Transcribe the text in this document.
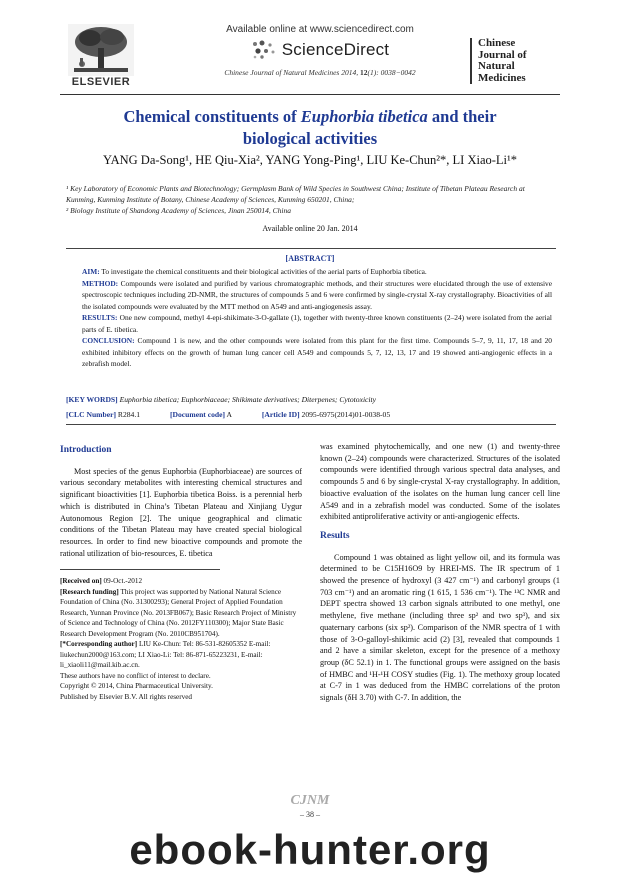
ELSEVIER
Available online at www.sciencedirect.com
ScienceDirect
Chinese Journal of Natural Medicines 2014, 12(1): 0038−0042
Chinese
Journal of
Natural
Medicines
Chemical constituents of Euphorbia tibetica and their
biological activities
YANG Da-Song¹, HE Qiu-Xia², YANG Yong-Ping¹, LIU Ke-Chun²*, LI Xiao-Li¹*
¹ Key Laboratory of Economic Plants and Biotechnology; Germplasm Bank of Wild Species in Southwest China; Institute of Tibetan Plateau Research at Kunming, Kunming Institute of Botany, Chinese Academy of Sciences, Kunming 650201, China;
² Biology Institute of Shandong Academy of Sciences, Jinan 250014, China
Available online 20 Jan. 2014
[ABSTRACT]

AIM: To investigate the chemical constituents and their biological activities of the aerial parts of Euphorbia tibetica.

METHOD: Compounds were isolated and purified by various chromatographic methods, and their structures were elucidated through the use of extensive spectroscopic techniques including 2D-NMR, the structures of compounds 5 and 6 were confirmed by single-crystal X-ray crystallography. Bioactivities of all the isolated compounds were evaluated by the MTT method on A549 and anti-angiogenesis assay.

RESULTS: One new compound, methyl 4-epi-shikimate-3-O-gallate (1), together with twenty-three known constituents (2–24) were isolated from the aerial parts of E. tibetica.

CONCLUSION: Compound 1 is new, and the other compounds were isolated from this plant for the first time. Compounds 5–7, 9, 11, 17, 18 and 20 exhibited inhibitory effects on the growth of human lung cancer cell A549 and compounds 5, 7, 12, 13, 17 and 19 showed anti-angiogenic effects in a zebrafish model.

[KEY WORDS] Euphorbia tibetica; Euphorbiaceae; Shikimate derivatives; Diterpenes; Cytotoxicity
[CLC Number] R284.1	[Document code] A	[Article ID] 2095-6975(2014)01-0038-05
Introduction

Most species of the genus Euphorbia (Euphorbiaceae) are sources of various secondary metabolites with interesting chemical structures and significant bioactivities [1]. Euphorbia tibetica Boiss. is a perennial herb which is distributed in China’s Tibetan Plateau and Xinjiang Uygur Autonomous Region [2]. The unique geographical and climatic conditions of the Tibetan Plateau may have created special biological resources. In order to find new bioactive compounds and promote the rational utilization of bio-resources, E. tibetica

[Received on] 09-Oct.-2012
[Research funding] This project was supported by National Natural Science Foundation of China (No. 31300293); General Project of Applied Foundation Research, Yunnan Province (No. 2013FB067); Basic Research Project of Ministry of Science and Technology of China (No. 2012FY110300); Major State Basic Research Development Program (No. 2010CB951704).
[*Corresponding author] LIU Ke-Chun: Tel: 86-531-82605352 E-mail: liukechun2000@163.com; LI Xiao-Li: Tel: 86-871-65223231, E-mail: li_xiaoli11@mail.kib.ac.cn.
These authors have no conflict of interest to declare.
Copyright © 2014, China Pharmaceutical University.
Published by Elsevier B.V. All rights reserved

was examined phytochemically, and one new (1) and twenty-three known (2–24) compounds were characterized. Structures of the isolated compounds were identified through various spectral data analyses, and compounds 5 and 6 by single-crystal X-ray crystallography. In addition, bioactive evaluation of the isolates on the human lung cancer cell line A549 and in a zebrafish model was conducted. Some of the isolates exhibited antiproliferative activity or anti-angiogenic effects.

Results

Compound 1 was obtained as light yellow oil, and its formula was determined to be C15H16O9 by HREI-MS. The IR spectrum of 1 showed the presence of hydroxyl (3 427 cm⁻¹) and carbonyl groups (1 703 cm⁻¹) and an aromatic ring (1 615, 1 536 cm⁻¹). The ¹³C NMR and DEPT spectra showed 13 carbon signals attributed to one methyl, one methylene, five methane (including three sp² and two sp³), and six quaternary carbons (six sp²). Comparison of the NMR spectra of 1 with those of 3-O-galloyl-shikimic acid (2) [3], revealed that compounds 1 and 2 have a similar skeleton, except for the presence of a methoxy group (δC 52.1) in 1. The functional groups were assigned on the basis of HMBC and ¹H-¹H COSY studies (Fig. 1). The methoxy group located at C-7 in 1 was deduced from the HMBC correlations of the proton signals (δH 3.70) with C-7. In addition, the

CJNM
– 38 –
ebook-hunter.org
